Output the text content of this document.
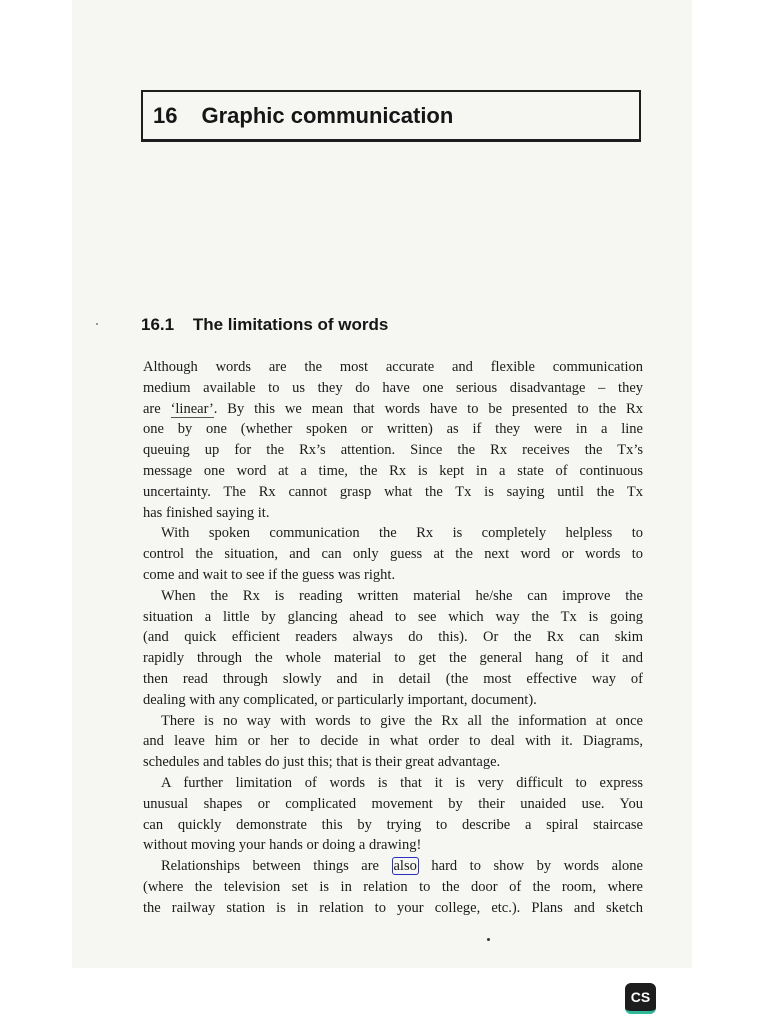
16 Graphic communication
16.1 The limitations of words
Although words are the most accurate and flexible communication
medium available to us they do have one serious disadvantage – they
are ‘linear’. By this we mean that words have to be presented to the Rx
one by one (whether spoken or written) as if they were in a line
queuing up for the Rx’s attention. Since the Rx receives the Tx’s
message one word at a time, the Rx is kept in a state of continuous
uncertainty. The Rx cannot grasp what the Tx is saying until the Tx
has finished saying it.
With spoken communication the Rx is completely helpless to
control the situation, and can only guess at the next word or words to
come and wait to see if the guess was right.
When the Rx is reading written material he/she can improve the
situation a little by glancing ahead to see which way the Tx is going
(and quick efficient readers always do this). Or the Rx can skim
rapidly through the whole material to get the general hang of it and
then read through slowly and in detail (the most effective way of
dealing with any complicated, or particularly important, document).
There is no way with words to give the Rx all the information at once
and leave him or her to decide in what order to deal with it. Diagrams,
schedules and tables do just this; that is their great advantage.
A further limitation of words is that it is very difficult to express
unusual shapes or complicated movement by their unaided use. You
can quickly demonstrate this by trying to describe a spiral staircase
without moving your hands or doing a drawing!
Relationships between things are also hard to show by words alone
(where the television set is in relation to the door of the room, where
the railway station is in relation to your college, etc.). Plans and sketch
CS
